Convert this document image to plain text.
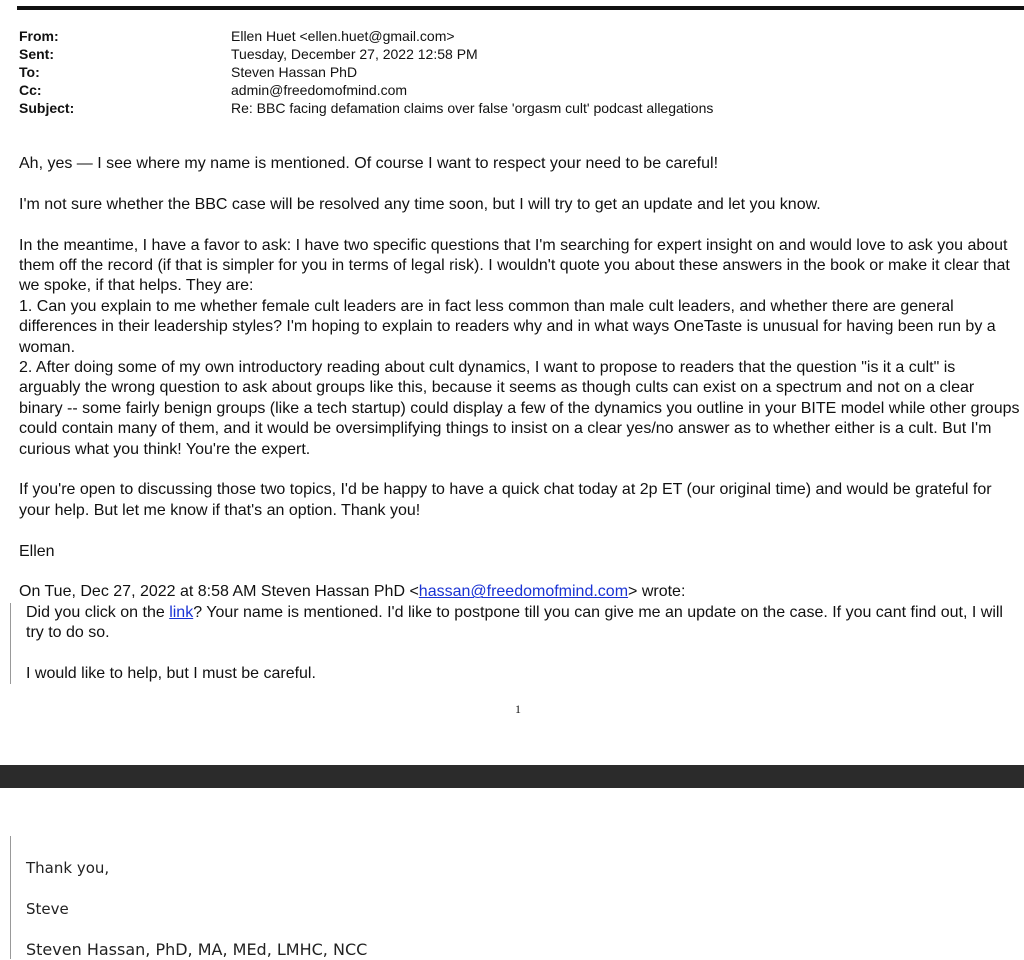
From:	Ellen Huet <ellen.huet@gmail.com>
Sent:	Tuesday, December 27, 2022 12:58 PM
To:	Steven Hassan PhD
Cc:	admin@freedomofmind.com
Subject:	Re: BBC facing defamation claims over false 'orgasm cult' podcast allegations

Ah, yes — I see where my name is mentioned. Of course I want to respect your need to be careful!

I'm not sure whether the BBC case will be resolved any time soon, but I will try to get an update and let you know.

In the meantime, I have a favor to ask: I have two specific questions that I'm searching for expert insight on and would love to ask you about them off the record (if that is simpler for you in terms of legal risk). I wouldn't quote you about these answers in the book or make it clear that we spoke, if that helps. They are:

1. Can you explain to me whether female cult leaders are in fact less common than male cult leaders, and whether there are general differences in their leadership styles? I'm hoping to explain to readers why and in what ways OneTaste is unusual for having been run by a woman.

2. After doing some of my own introductory reading about cult dynamics, I want to propose to readers that the question "is it a cult" is arguably the wrong question to ask about groups like this, because it seems as though cults can exist on a spectrum and not on a clear binary -- some fairly benign groups (like a tech startup) could display a few of the dynamics you outline in your BITE model while other groups could contain many of them, and it would be oversimplifying things to insist on a clear yes/no answer as to whether either is a cult. But I'm curious what you think! You're the expert.

If you're open to discussing those two topics, I'd be happy to have a quick chat today at 2p ET (our original time) and would be grateful for your help. But let me know if that's an option. Thank you!

Ellen

On Tue, Dec 27, 2022 at 8:58 AM Steven Hassan PhD <hassan@freedomofmind.com> wrote:

Did you click on the link? Your name is mentioned. I'd like to postpone till you can give me an update on the case. If you cant find out, I will try to do so.

I would like to help, but I must be careful.

1

Thank you,

Steve

Steven Hassan, PhD, MA, MEd, LMHC, NCC
